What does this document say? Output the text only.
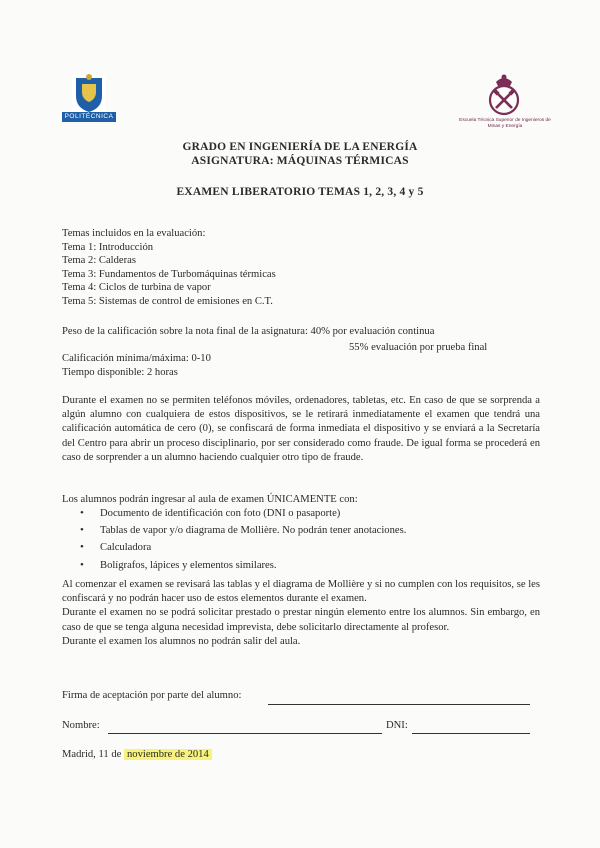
POLITÉCNICA
Escuela Técnica Superior de Ingenieros de Minas y Energía
GRADO EN INGENIERÍA DE LA ENERGÍA
ASIGNATURA: MÁQUINAS TÉRMICAS
EXAMEN LIBERATORIO TEMAS 1, 2, 3, 4 y 5
Temas incluidos en la evaluación:
Tema 1: Introducción
Tema 2: Calderas
Tema 3: Fundamentos de Turbomáquinas térmicas
Tema 4: Ciclos de turbina de vapor
Tema 5: Sistemas de control de emisiones en C.T.
Peso de la calificación sobre la nota final de la asignatura: 40% por evaluación continua
55% evaluación por prueba final
Calificación mínima/máxima: 0-10
Tiempo disponible: 2 horas
Durante el examen no se permiten teléfonos móviles, ordenadores, tabletas, etc. En caso de que se sorprenda a algún alumno con cualquiera de estos dispositivos, se le retirará inmediatamente el examen que tendrá una calificación automática de cero (0), se confiscará de forma inmediata el dispositivo y se enviará a la Secretaría del Centro para abrir un proceso disciplinario, por ser considerado como fraude. De igual forma se procederá en caso de sorprender a un alumno haciendo cualquier otro tipo de fraude.
Los alumnos podrán ingresar al aula de examen ÚNICAMENTE con:
• Documento de identificación con foto (DNI o pasaporte)
• Tablas de vapor y/o diagrama de Mollière. No podrán tener anotaciones.
• Calculadora
• Bolígrafos, lápices y elementos similares.
Al comenzar el examen se revisará las tablas y el diagrama de Mollière y si no cumplen con los requisitos, se les confiscará y no podrán hacer uso de estos elementos durante el examen.
Durante el examen no se podrá solicitar prestado o prestar ningún elemento entre los alumnos. Sin embargo, en caso de que se tenga alguna necesidad imprevista, debe solicitarlo directamente al profesor.
Durante el examen los alumnos no podrán salir del aula.
Firma de aceptación por parte del alumno:
Nombre:	DNI:
Madrid, 11 de noviembre de 2014
